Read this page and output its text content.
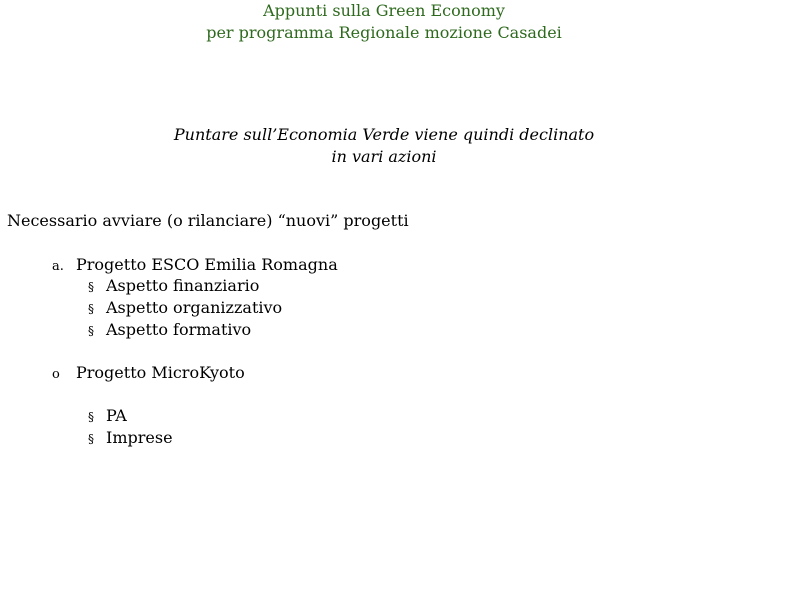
Appunti sulla Green Economy
per programma Regionale mozione Casadei
Puntare sull’Economia Verde viene quindi declinato
in vari azioni
Necessario avviare (o rilanciare) “nuovi” progetti
a. Progetto ESCO Emilia Romagna
§ Aspetto finanziario
§ Aspetto organizzativo
§ Aspetto formativo
o Progetto MicroKyoto
§ PA
§ Imprese
